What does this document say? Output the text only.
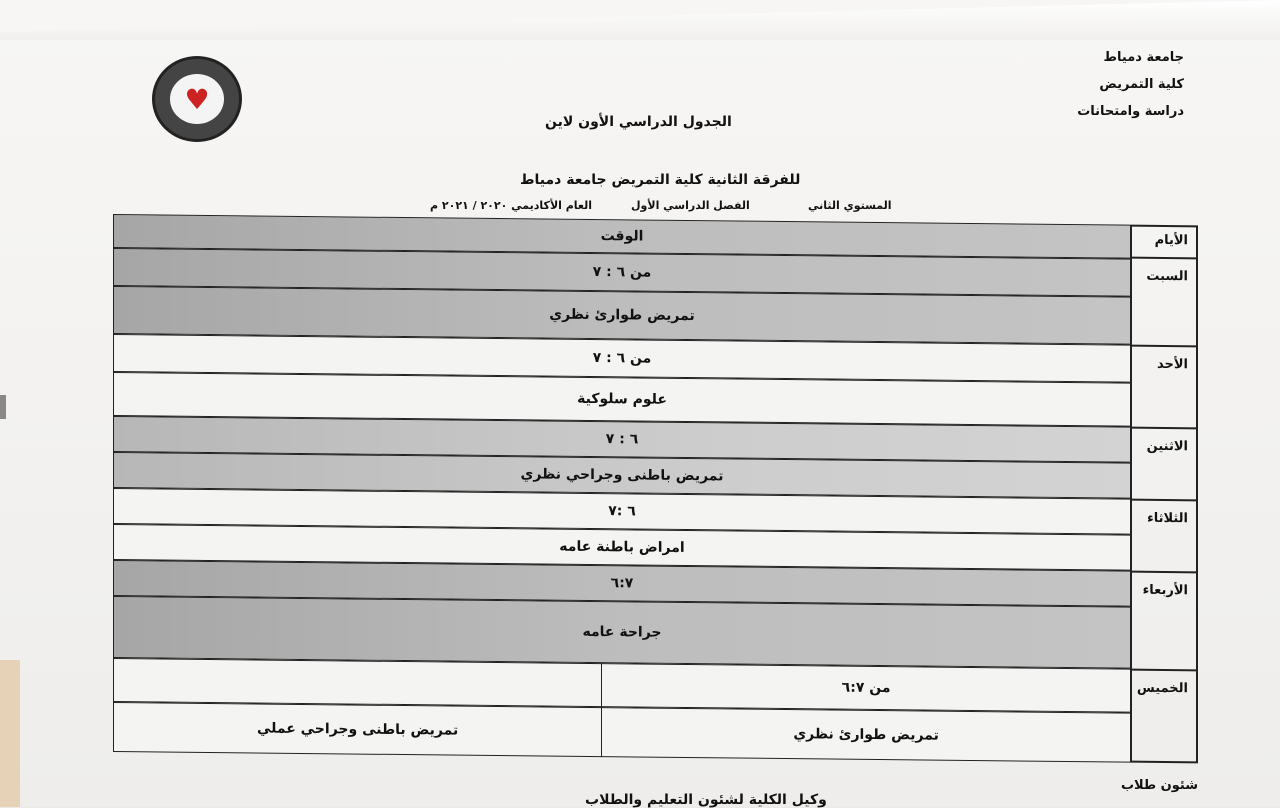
جامعة دمياط
كلية التمريض
دراسة وامتحانات
♥
الجدول الدراسي الأون لاين
للفرقة الثانية كلية التمريض جامعة دمياط
المستوي الثاني
الفصل الدراسي الأول
العام الأكاديمي ٢٠٢٠ / ٢٠٢١ م
الأيام
السبت
الأحد
الاثنين
الثلاثاء
الأربعاء
الخميس
الوقت
من ٦ : ٧
تمريض طوارئ نظري
من ٦ : ٧
علوم سلوكية
٦ : ٧
تمريض باطنى وجراحي نظري
٦ :٧
امراض باطنة عامه
٦:٧
جراحة عامه
من ٦:٧
تمريض طوارئ نظري
تمريض باطنى وجراحي عملي
شئون طلاب
وكيل الكلية لشئون التعليم والطلاب
